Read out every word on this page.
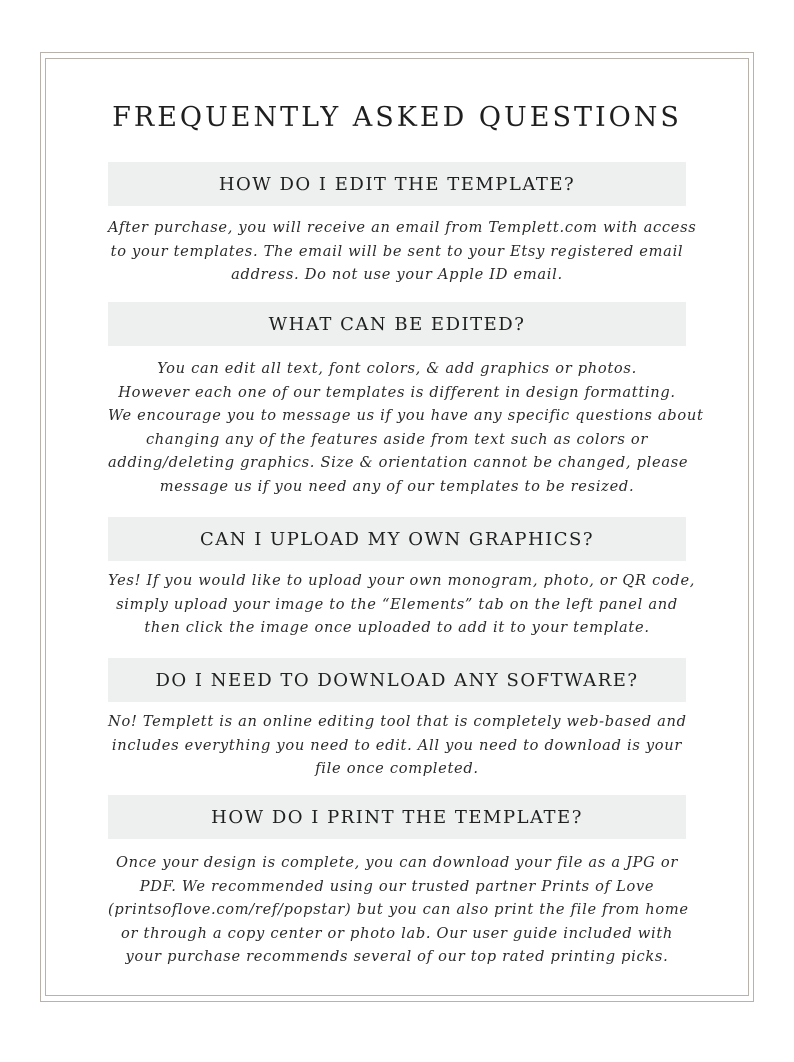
FREQUENTLY ASKED QUESTIONS
HOW DO I EDIT THE TEMPLATE?
After purchase, you will receive an email from Templett.com with access
to your templates. The email will be sent to your Etsy registered email
address. Do not use your Apple ID email.
WHAT CAN BE EDITED?
You can edit all text, font colors, & add graphics or photos.
However each one of our templates is different in design formatting.
We encourage you to message us if you have any specific questions about
changing any of the features aside from text such as colors or
adding/deleting graphics. Size & orientation cannot be changed, please
message us if you need any of our templates to be resized.
CAN I UPLOAD MY OWN GRAPHICS?
Yes! If you would like to upload your own monogram, photo, or QR code,
simply upload your image to the “Elements” tab on the left panel and
then click the image once uploaded to add it to your template.
DO I NEED TO DOWNLOAD ANY SOFTWARE?
No! Templett is an online editing tool that is completely web-based and
includes everything you need to edit. All you need to download is your
file once completed.
HOW DO I PRINT THE TEMPLATE?
Once your design is complete, you can download your file as a JPG or
PDF. We recommended using our trusted partner Prints of Love
(printsoflove.com/ref/popstar) but you can also print the file from home
or through a copy center or photo lab. Our user guide included with
your purchase recommends several of our top rated printing picks.
